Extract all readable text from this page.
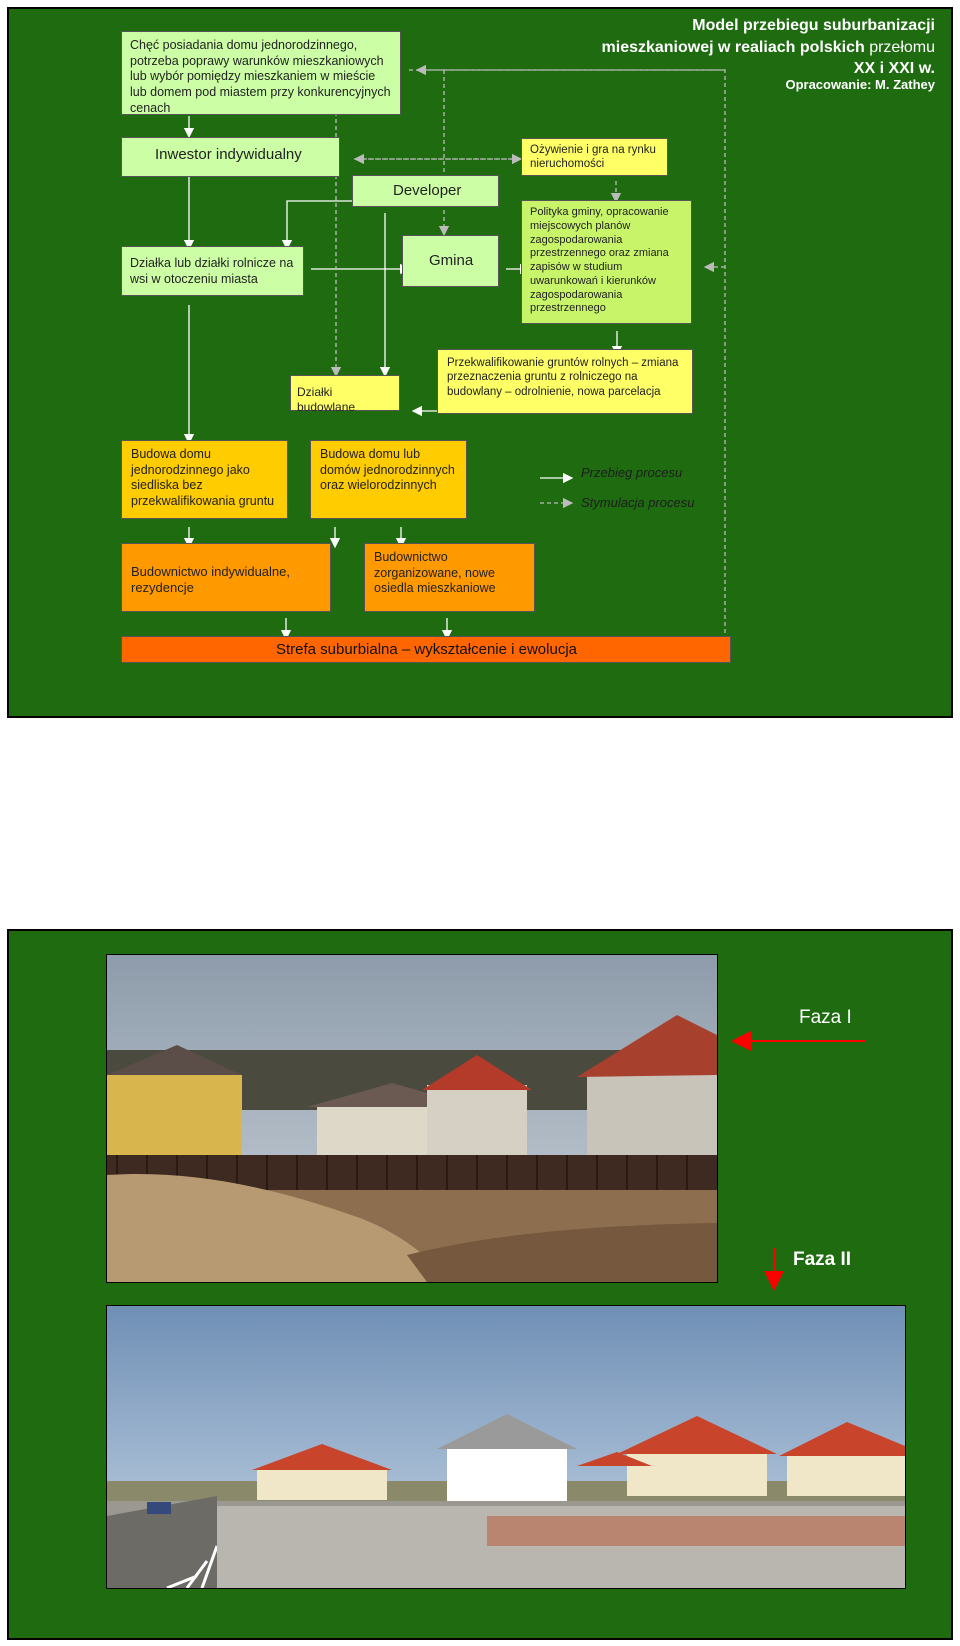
Model przebiegu suburbanizacji
mieszkaniowej w realiach polskich przełomu
XX i XXI w.
Opracowanie: M. Zathey
Chęć posiadania domu jednorodzinnego, potrzeba poprawy warunków mieszkaniowych lub wybór pomiędzy mieszkaniem w mieście lub domem pod miastem przy konkurencyjnych cenach
Inwestor indywidualny
Developer
Ożywienie i gra na rynku nieruchomości
Działka lub działki rolnicze na wsi w otoczeniu miasta
Gmina
Polityka gminy, opracowanie miejscowych planów zagospodarowania przestrzennego oraz zmiana zapisów w studium uwarunkowań i kierunków zagospodarowania przestrzennego
Działki budowlane
Przekwalifikowanie gruntów rolnych – zmiana przeznaczenia gruntu z rolniczego na budowlany – odrolnienie, nowa parcelacja
Budowa domu jednorodzinnego jako siedliska bez przekwalifikowania gruntu
Budowa domu lub domów jednorodzinnych oraz wielorodzinnych
Przebieg procesu
Stymulacja procesu
Budownictwo indywidualne, rezydencje
Budownictwo zorganizowane, nowe osiedla mieszkaniowe
Strefa suburbialna – wykształcenie i ewolucja
Faza I
Faza II
